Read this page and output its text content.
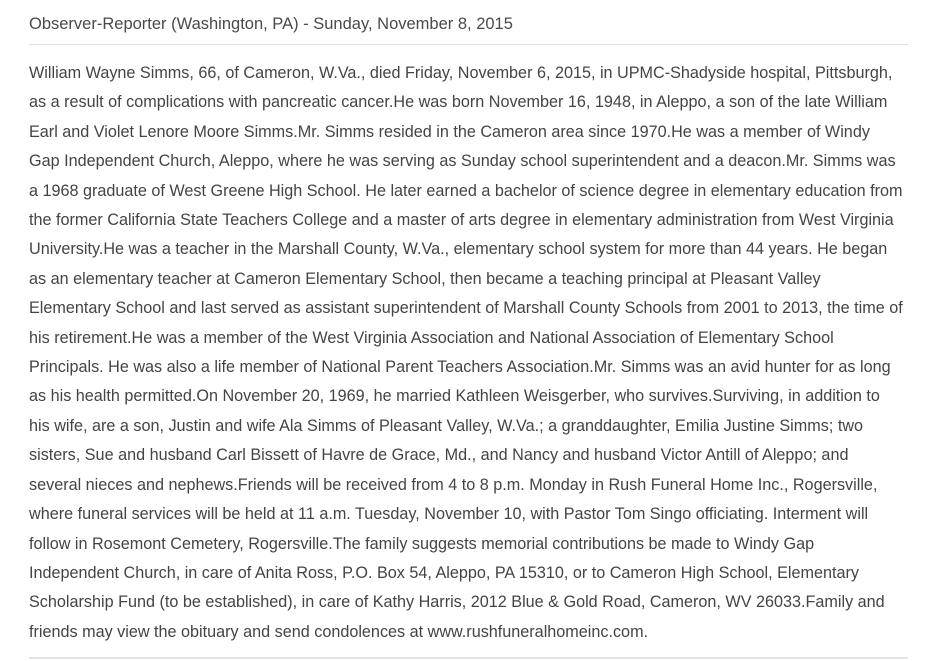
Observer-Reporter (Washington, PA) - Sunday, November 8, 2015

William Wayne Simms, 66, of Cameron, W.Va., died Friday, November 6, 2015, in UPMC-Shadyside hospital, Pittsburgh, as a result of complications with pancreatic cancer.He was born November 16, 1948, in Aleppo, a son of the late William Earl and Violet Lenore Moore Simms.Mr. Simms resided in the Cameron area since 1970.He was a member of Windy Gap Independent Church, Aleppo, where he was serving as Sunday school superintendent and a deacon.Mr. Simms was a 1968 graduate of West Greene High School. He later earned a bachelor of science degree in elementary education from the former California State Teachers College and a master of arts degree in elementary administration from West Virginia University.He was a teacher in the Marshall County, W.Va., elementary school system for more than 44 years. He began as an elementary teacher at Cameron Elementary School, then became a teaching principal at Pleasant Valley Elementary School and last served as assistant superintendent of Marshall County Schools from 2001 to 2013, the time of his retirement.He was a member of the West Virginia Association and National Association of Elementary School Principals. He was also a life member of National Parent Teachers Association.Mr. Simms was an avid hunter for as long as his health permitted.On November 20, 1969, he married Kathleen Weisgerber, who survives.Surviving, in addition to his wife, are a son, Justin and wife Ala Simms of Pleasant Valley, W.Va.; a granddaughter, Emilia Justine Simms; two sisters, Sue and husband Carl Bissett of Havre de Grace, Md., and Nancy and husband Victor Antill of Aleppo; and several nieces and nephews.Friends will be received from 4 to 8 p.m. Monday in Rush Funeral Home Inc., Rogersville, where funeral services will be held at 11 a.m. Tuesday, November 10, with Pastor Tom Singo officiating. Interment will follow in Rosemont Cemetery, Rogersville.The family suggests memorial contributions be made to Windy Gap Independent Church, in care of Anita Ross, P.O. Box 54, Aleppo, PA 15310, or to Cameron High School, Elementary Scholarship Fund (to be established), in care of Kathy Harris, 2012 Blue & Gold Road, Cameron, WV 26033.Family and friends may view the obituary and send condolences at www.rushfuneralhomeinc.com.
